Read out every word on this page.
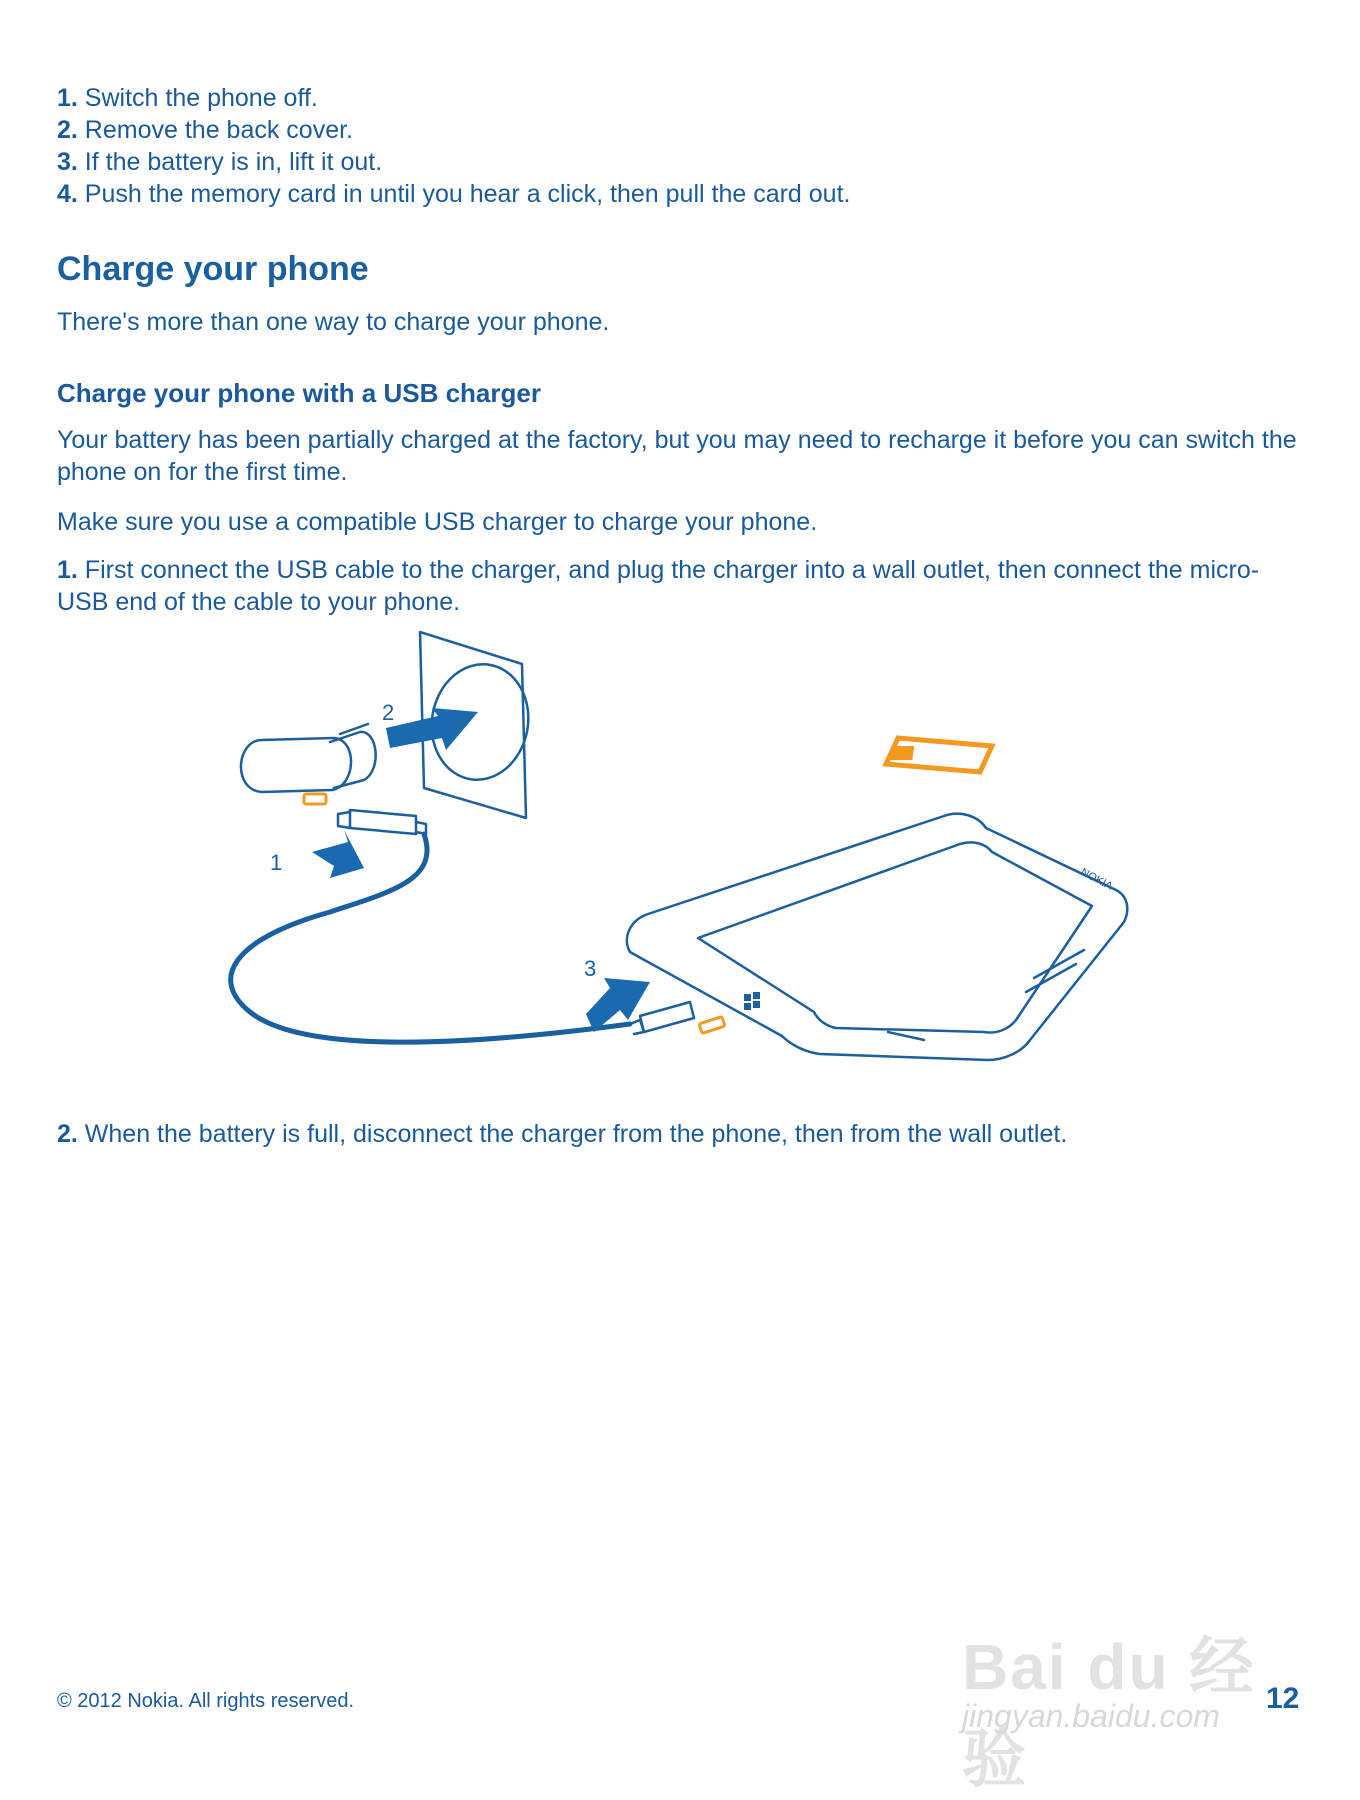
1. Switch the phone off.
2. Remove the back cover.
3. If the battery is in, lift it out.
4. Push the memory card in until you hear a click, then pull the card out.
Charge your phone

There's more than one way to charge your phone.

Charge your phone with a USB charger

Your battery has been partially charged at the factory, but you may need to recharge it before you can switch the phone on for the first time.

Make sure you use a compatible USB charger to charge your phone.

1. First connect the USB cable to the charger, and plug the charger into a wall outlet, then connect the micro-USB end of the cable to your phone.

2
1
3
NOKIA

2. When the battery is full, disconnect the charger from the phone, then from the wall outlet.

© 2012 Nokia. All rights reserved.	Bai du 经验
jingyan.baidu.com 12
